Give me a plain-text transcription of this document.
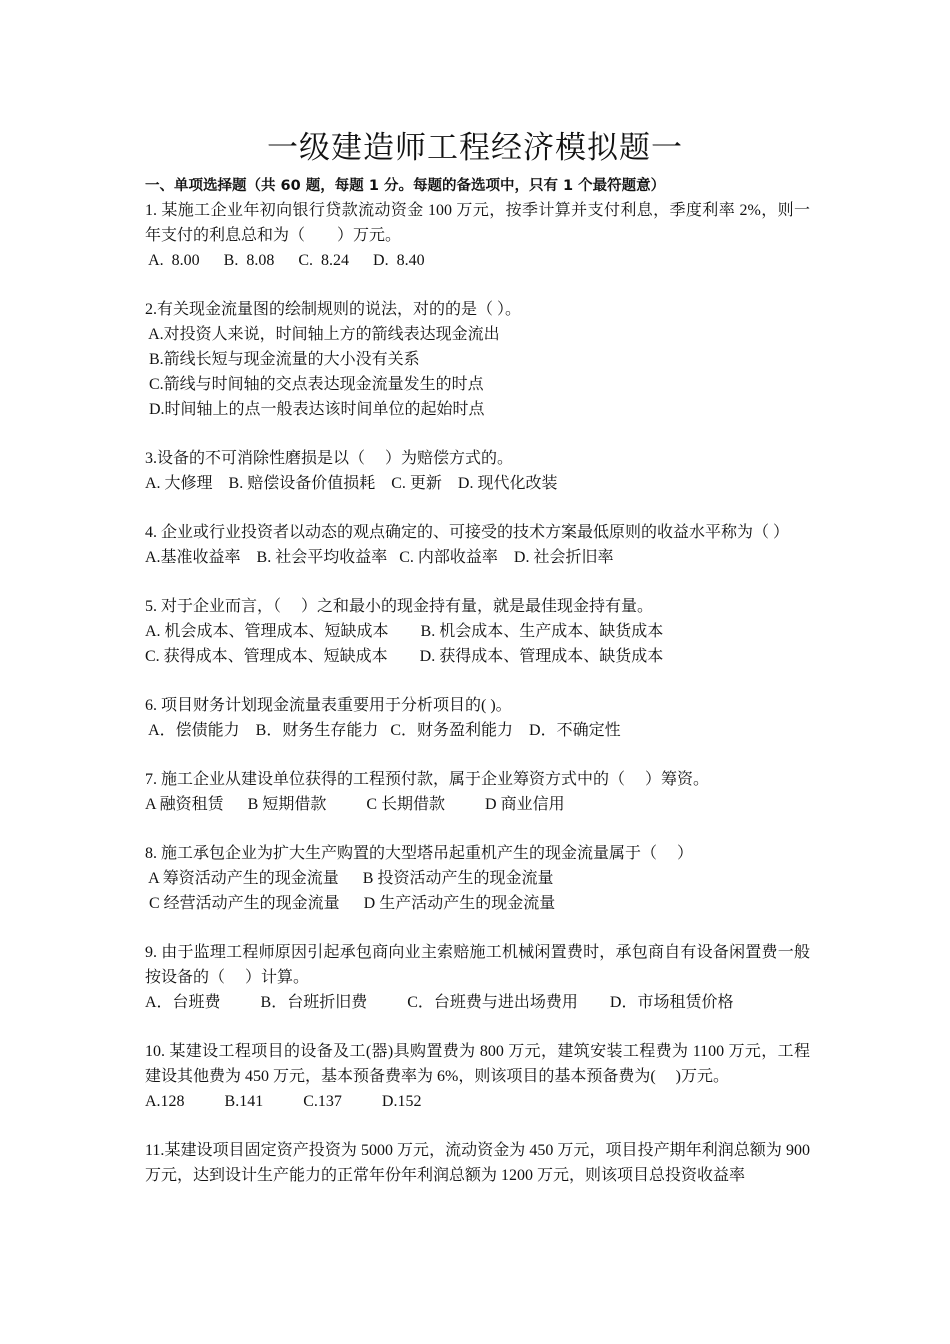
一级建造师工程经济模拟题一
一、单项选择题（共 60 题，每题 1 分。每题的备选项中，只有 1 个最符题意）
1. 某施工企业年初向银行贷款流动资金 100 万元，按季计算并支付利息，季度利率 2%，则一年支付的利息总和为（　　）万元。
A.  8.00      B.  8.08      C.  8.24      D.  8.40
2.有关现金流量图的绘制规则的说法，对的的是（ ）。
A.对投资人来说，时间轴上方的箭线表达现金流出
B.箭线长短与现金流量的大小没有关系
C.箭线与时间轴的交点表达现金流量发生的时点
D.时间轴上的点一般表达该时间单位的起始时点
3.设备的不可消除性磨损是以（　 ）为赔偿方式的。
A. 大修理    B. 赔偿设备价值损耗    C. 更新    D. 现代化改装
4. 企业或行业投资者以动态的观点确定的、可接受的技术方案最低原则的收益水平称为（ ）
A.基准收益率    B. 社会平均收益率   C. 内部收益率    D. 社会折旧率
5. 对于企业而言，（　 ）之和最小的现金持有量，就是最佳现金持有量。
A. 机会成本、管理成本、短缺成本        B. 机会成本、生产成本、缺货成本
C. 获得成本、管理成本、短缺成本        D. 获得成本、管理成本、缺货成本
6. 项目财务计划现金流量表重要用于分析项目的( )。
A．偿债能力    B．财务生存能力   C．财务盈利能力    D．不确定性
7. 施工企业从建设单位获得的工程预付款，属于企业筹资方式中的（　 ）筹资。
A 融资租赁      B 短期借款          C 长期借款          D 商业信用
8. 施工承包企业为扩大生产购置的大型塔吊起重机产生的现金流量属于（　 ）
A 筹资活动产生的现金流量      B 投资活动产生的现金流量
C 经营活动产生的现金流量      D 生产活动产生的现金流量
9. 由于监理工程师原因引起承包商向业主索赔施工机械闲置费时，承包商自有设备闲置费一般按设备的（　 ）计算。
A．台班费          B．台班折旧费          C．台班费与进出场费用        D．市场租赁价格
10. 某建设工程项目的设备及工(器)具购置费为 800 万元，建筑安装工程费为 1100 万元，工程建设其他费为 450 万元，基本预备费率为 6%，则该项目的基本预备费为(　 )万元。
A.128          B.141          C.137          D.152
11.某建设项目固定资产投资为 5000 万元，流动资金为 450 万元，项目投产期年利润总额为 900 万元，达到设计生产能力的正常年份年利润总额为 1200 万元，则该项目总投资收益率
